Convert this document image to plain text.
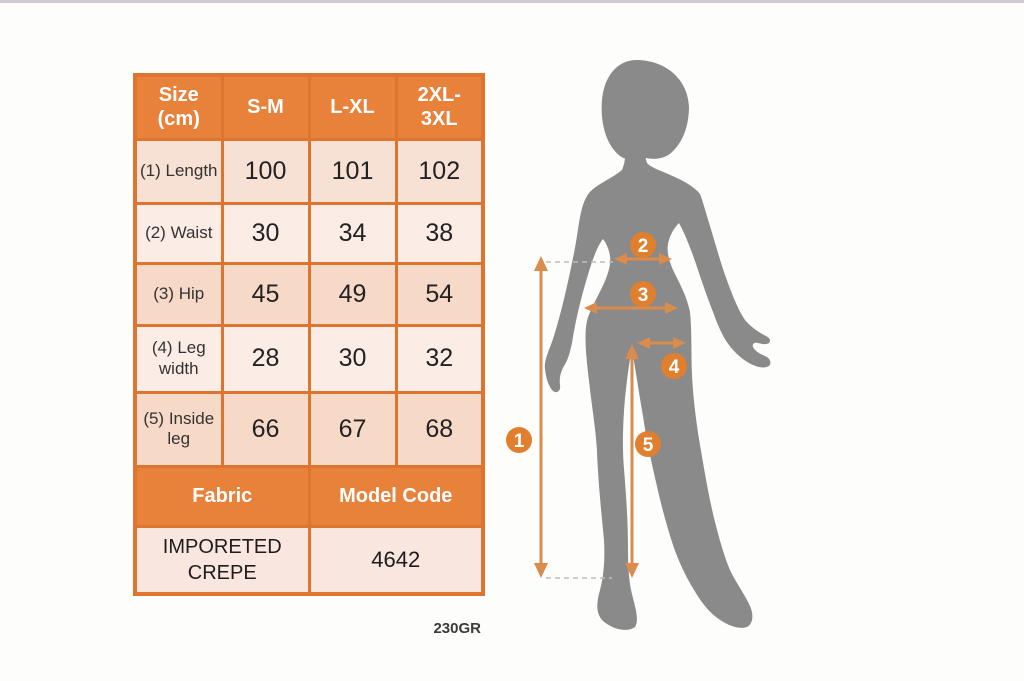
Size (cm)	S-M	L-XL	2XL-3XL
(1) Length	100	101	102
(2) Waist	30	34	38
(3) Hip	45	49	54
(4) Leg width	28	30	32
(5) Inside leg	66	67	68
Fabric		Model Code	
IMPORETED CREPE		4642	
230GR
1
2
3
4
5
